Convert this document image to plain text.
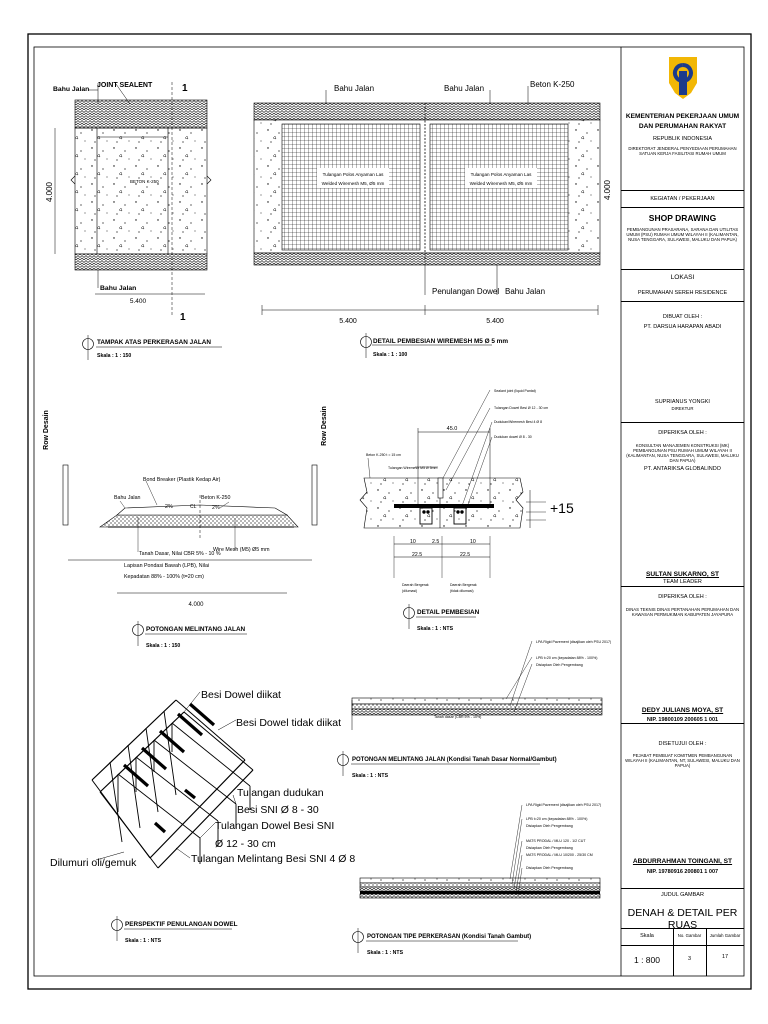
BETON K-250
Bahu Jalan
JOINT SEALENT
Bahu Jalan
1
1
4.000
5.400
TAMPAK ATAS PERKERASAN JALAN
Skala : 1 : 150
Tulangan Polos Anyaman Las
Welded Wiremesh M5, Ø5 mm
Tulangan Polos Anyaman Las
Welded Wiremesh M5, Ø5 mm
Bahu Jalan	Bahu Jalan	Beton K-250
Penulangan Dowel Bahu Jalan
5.400	5.400
4.000
DETAIL PEMBESIAN WIREMESH M5 Ø 5 mm
Skala : 1 : 100
Row Desain	Row Desain
Bond Breaker (Plastik Kedap Air)
Bahu Jalan	Beton K-250
CL
2%	2%
Wire Mesh (M5) Ø5 mm
Tanah Dasar, Nilai CBR 5% - 10 %
Lapisan Pondasi Bawah (LPB), Nilai
Kepadatan 88% - 100% (t=20 cm)
4.000
POTONGAN MELINTANG JALAN
Skala : 1 : 150
45.0
Beton K-250 t = 15 cm
Sealant joint (liquid Pantat)
Tulangan Dowel Besi Ø 12 - 30 cm
Dudukan/Wiremesh Besi 4 Ø 8
Dudukan dowel Ø 8 - 30
Tulangan Wiremesh M5 Ø 5mm
+15
10	2.5	10
22.5	22.5
Daerah Bergerak
(dilumasi)
Daerah Bergerak
(tidak dilumasi)
DETAIL PEMBESIAN
Skala : 1 : NTS
Besi Dowel diikat
Besi Dowel tidak diikat
Tulangan dudukan
Besi SNI Ø 8 - 30
Tulangan Dowel Besi SNI
Ø 12 - 30 cm
Tulangan Melintang Besi SNI 4 Ø 8
Dilumuri oli/gemuk
PERSPEKTIF PENULANGAN DOWEL
Skala : 1 : NTS
LPA Rigid Pavement (disajikan oleh PSU 2017)
LPB t=20 cm (kepadatan 88% - 100%)
Disiapkan Oleh Pengembang
Tanah dasar (CBR 5% - 10%)
POTONGAN MELINTANG JALAN (Kondisi Tanah Dasar Normal/Gambut)
Skala : 1 : NTS
LPA Rigid Pavement (disajikan oleh PSU 2017)
LPB t=20 cm (kepadatan 88% - 100%)
Disiapkan Oleh Pengembang
MATS PRODAL / MLU 120 - 1/2 CUT
Disiapkan Oleh Pengembang
MATS PRODAL / MLU 10/200 - 25/30 CM
Disiapkan Oleh Pengembang
POTONGAN TIPE PERKERASAN (Kondisi Tanah Gambut)
Skala : 1 : NTS
KEMENTERIAN PEKERJAAN UMUM
DAN PERUMAHAN RAKYAT
REPUBLIK INDONESIA
DIREKTORAT JENDERAL PENYEDIAAN PERUMAHAN SATUAN KERJA FASILITASI RUMAH UMUM
KEGIATAN / PEKERJAAN
SHOP DRAWING
PEMBANGUNAN PRASARANA, SARANA DAN UTILITAS UMUM (PSU) RUMAH UMUM WILAYAH II (KALIMANTAN, NUSA TENGGARA, SULAWESI, MALUKU DAN PAPUA)
LOKASI
PERUMAHAN SEREH RESIDENCE
DIBUAT OLEH :
PT. DARSUA HARAPAN ABADI
SUPRIANUS YONGKI
DIREKTUR
DIPERIKSA OLEH :
KONSULTAN MANAJEMEN KONSTRUKSI (MK) PEMBANGUNAN PSU RUMAH UMUM WILAYAH II (KALIMANTAN, NUSA TENGGARA, SULAWESI, MALUKU DAN PAPUA)
PT. ANTARIKSA GLOBALINDO
SULTAN SUKARNO, ST
TEAM LEADER
DIPERIKSA OLEH :
DINAS TEKNIS DINAS PERTANAHAN PERUMAHAN DAN KAWASAN PERMUKIMAN KABUPATEN JAYAPURA
DEDY JULIANS MOYA, ST
NIP. 19800109 200605 1 001
DISETUJUI OLEH :
PEJABAT PEMBUAT KOMITMEN PEMBANGUNAN WILAYAH II (KALIMANTAN, NT, SULAWESI, MALUKU DAN PAPUA)
ABDURRAHMAN TOINGANI, ST
NIP. 19780916 200801 1 007
JUDUL GAMBAR
DENAH & DETAIL PER RUAS
Skala	No. Gambar	Jumlah Gambar
1 : 800	3	17
